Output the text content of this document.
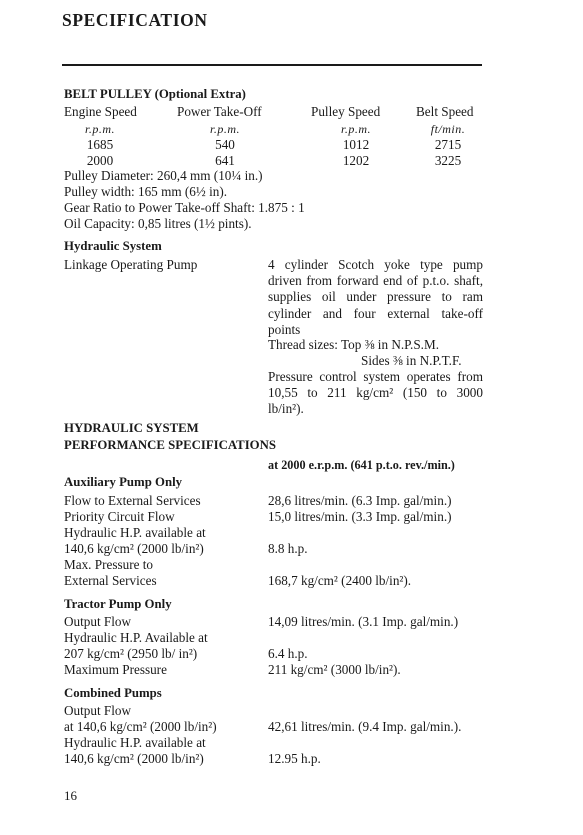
SPECIFICATION
BELT PULLEY (Optional Extra)
Engine Speed	Power Take-Off	Pulley Speed	Belt Speed
r.p.m.	r.p.m.	r.p.m.	ft/min.
1685	540	1012	2715
2000	641	1202	3225
Pulley Diameter: 260,4 mm (10¼ in.)
Pulley width: 165 mm (6½ in).
Gear Ratio to Power Take-off Shaft: 1.875 : 1
Oil Capacity: 0,85 litres (1½ pints).
Hydraulic System
Linkage Operating Pump	4 cylinder Scotch yoke type pump driven from forward end of p.t.o. shaft, supplies oil under pressure to ram cylinder and four external take-off points
Thread sizes: Top ⅜ in N.P.S.M.
Sides ⅜ in N.P.T.F.
Pressure control system operates from 10,55 to 211 kg/cm² (150 to 3000 lb/in²).
HYDRAULIC SYSTEM
PERFORMANCE SPECIFICATIONS
at 2000 e.r.p.m. (641 p.t.o. rev./min.)
Auxiliary Pump Only
Flow to External Services	28,6 litres/min. (6.3 Imp. gal/min.)
Priority Circuit Flow	15,0 litres/min. (3.3 Imp. gal/min.)
Hydraulic H.P. available at
140,6 kg/cm² (2000 lb/in²)	8.8 h.p.
Max. Pressure to
External Services	168,7 kg/cm² (2400 lb/in²).
Tractor Pump Only
Output Flow	14,09 litres/min. (3.1 Imp. gal/min.)
Hydraulic H.P. Available at
207 kg/cm² (2950 lb/ in²)	6.4 h.p.
Maximum Pressure	211 kg/cm² (3000 lb/in²).
Combined Pumps
Output Flow
at 140,6 kg/cm² (2000 lb/in²)	42,61 litres/min. (9.4 Imp. gal/min.).
Hydraulic H.P. available at
140,6 kg/cm² (2000 lb/in²)	12.95 h.p.
16
